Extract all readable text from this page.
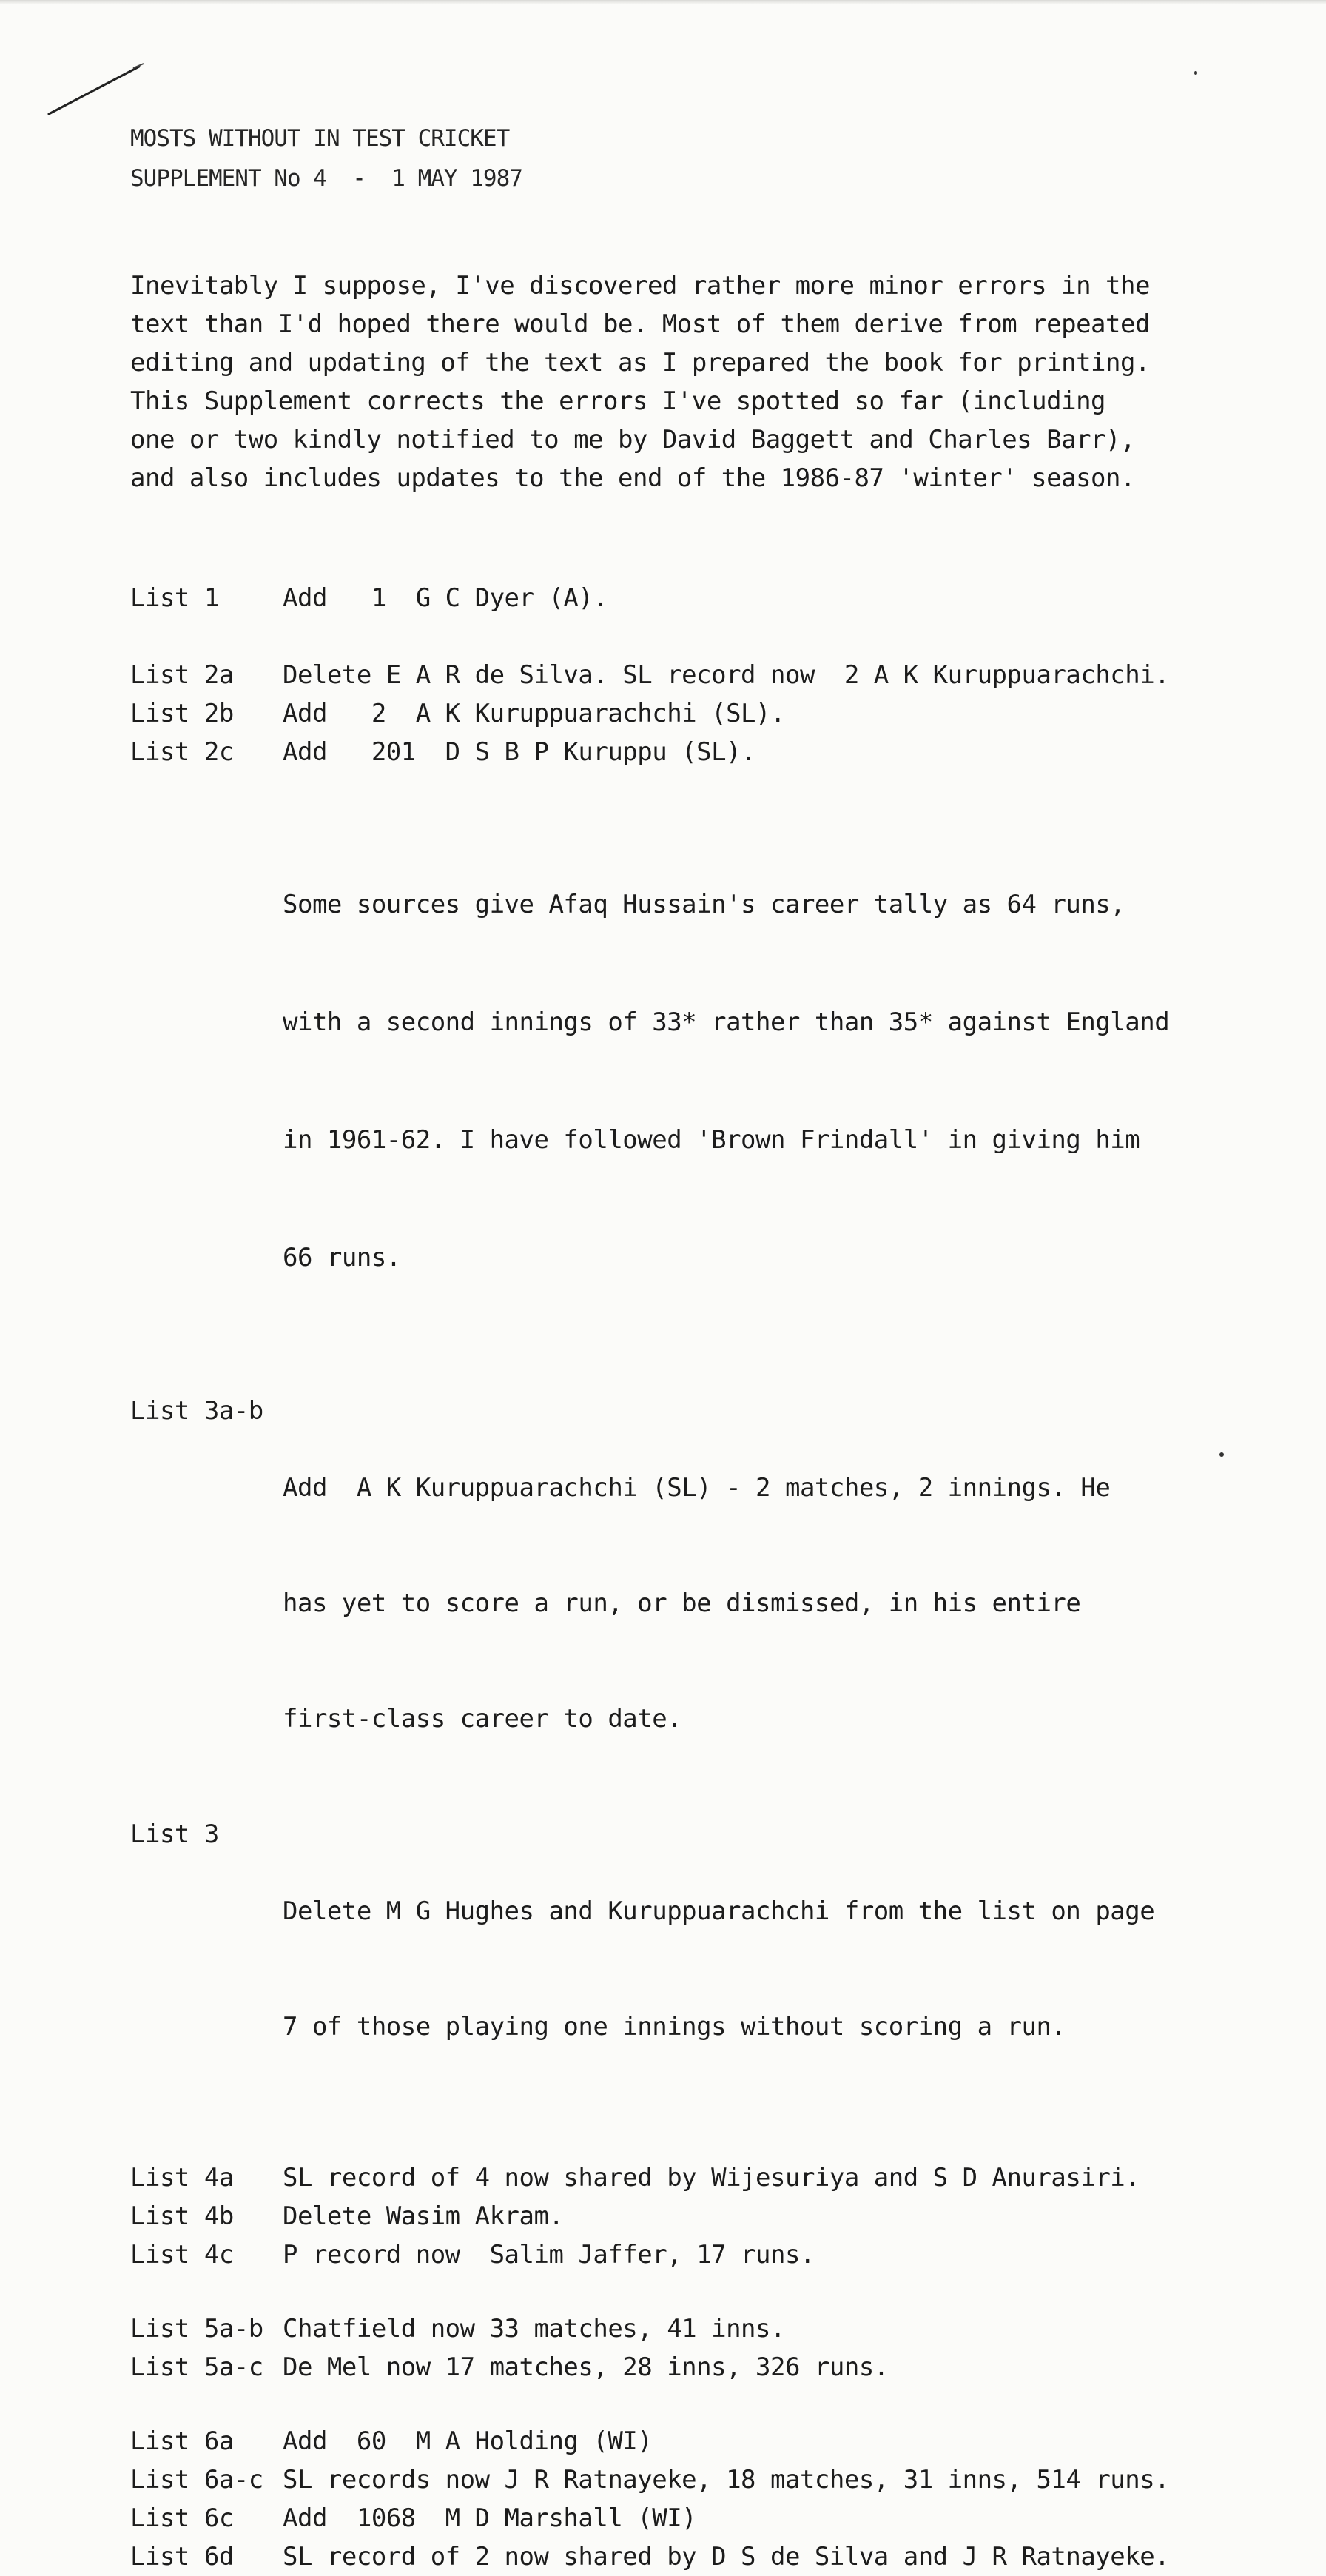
MOSTS WITHOUT IN TEST CRICKET
SUPPLEMENT No 4  -  1 MAY 1987

Inevitably I suppose, I've discovered rather more minor errors in the

text than I'd hoped there would be. Most of them derive from repeated

editing and updating of the text as I prepared the book for printing.

This Supplement corrects the errors I've spotted so far (including

one or two kindly notified to me by David Baggett and Charles Barr),

and also includes updates to the end of the 1986-87 'winter' season.

List 1	Add   1  G C Dyer (A).
List 2a	Delete E A R de Silva. SL record now  2 A K Kuruppuarachchi.
List 2b	Add   2  A K Kuruppuarachchi (SL).
List 2c	Add   201  D S B P Kuruppu (SL).

Some sources give Afaq Hussain's career tally as 64 runs,

with a second innings of 33* rather than 35* against England

in 1961-62. I have followed 'Brown Frindall' in giving him

66 runs.

List 3a-b

Add  A K Kuruppuarachchi (SL) - 2 matches, 2 innings. He

has yet to score a run, or be dismissed, in his entire

first-class career to date.

List 3

Delete M G Hughes and Kuruppuarachchi from the list on page

7 of those playing one innings without scoring a run.

List 4a	SL record of 4 now shared by Wijesuriya and S D Anurasiri.
List 4b	Delete Wasim Akram.
List 4c	P record now  Salim Jaffer, 17 runs.
List 5a-b Chatfield now 33 matches, 41 inns.
List 5a-c De Mel now 17 matches, 28 inns, 326 runs.
List 6a	Add  60  M A Holding (WI)
List 6a-c SL records now J R Ratnayeke, 18 matches, 31 inns, 514 runs.
List 6c	Add  1068  M D Marshall (WI)
List 6d	SL record of 2 now shared by D S de Silva and J R Ratnayeke.
